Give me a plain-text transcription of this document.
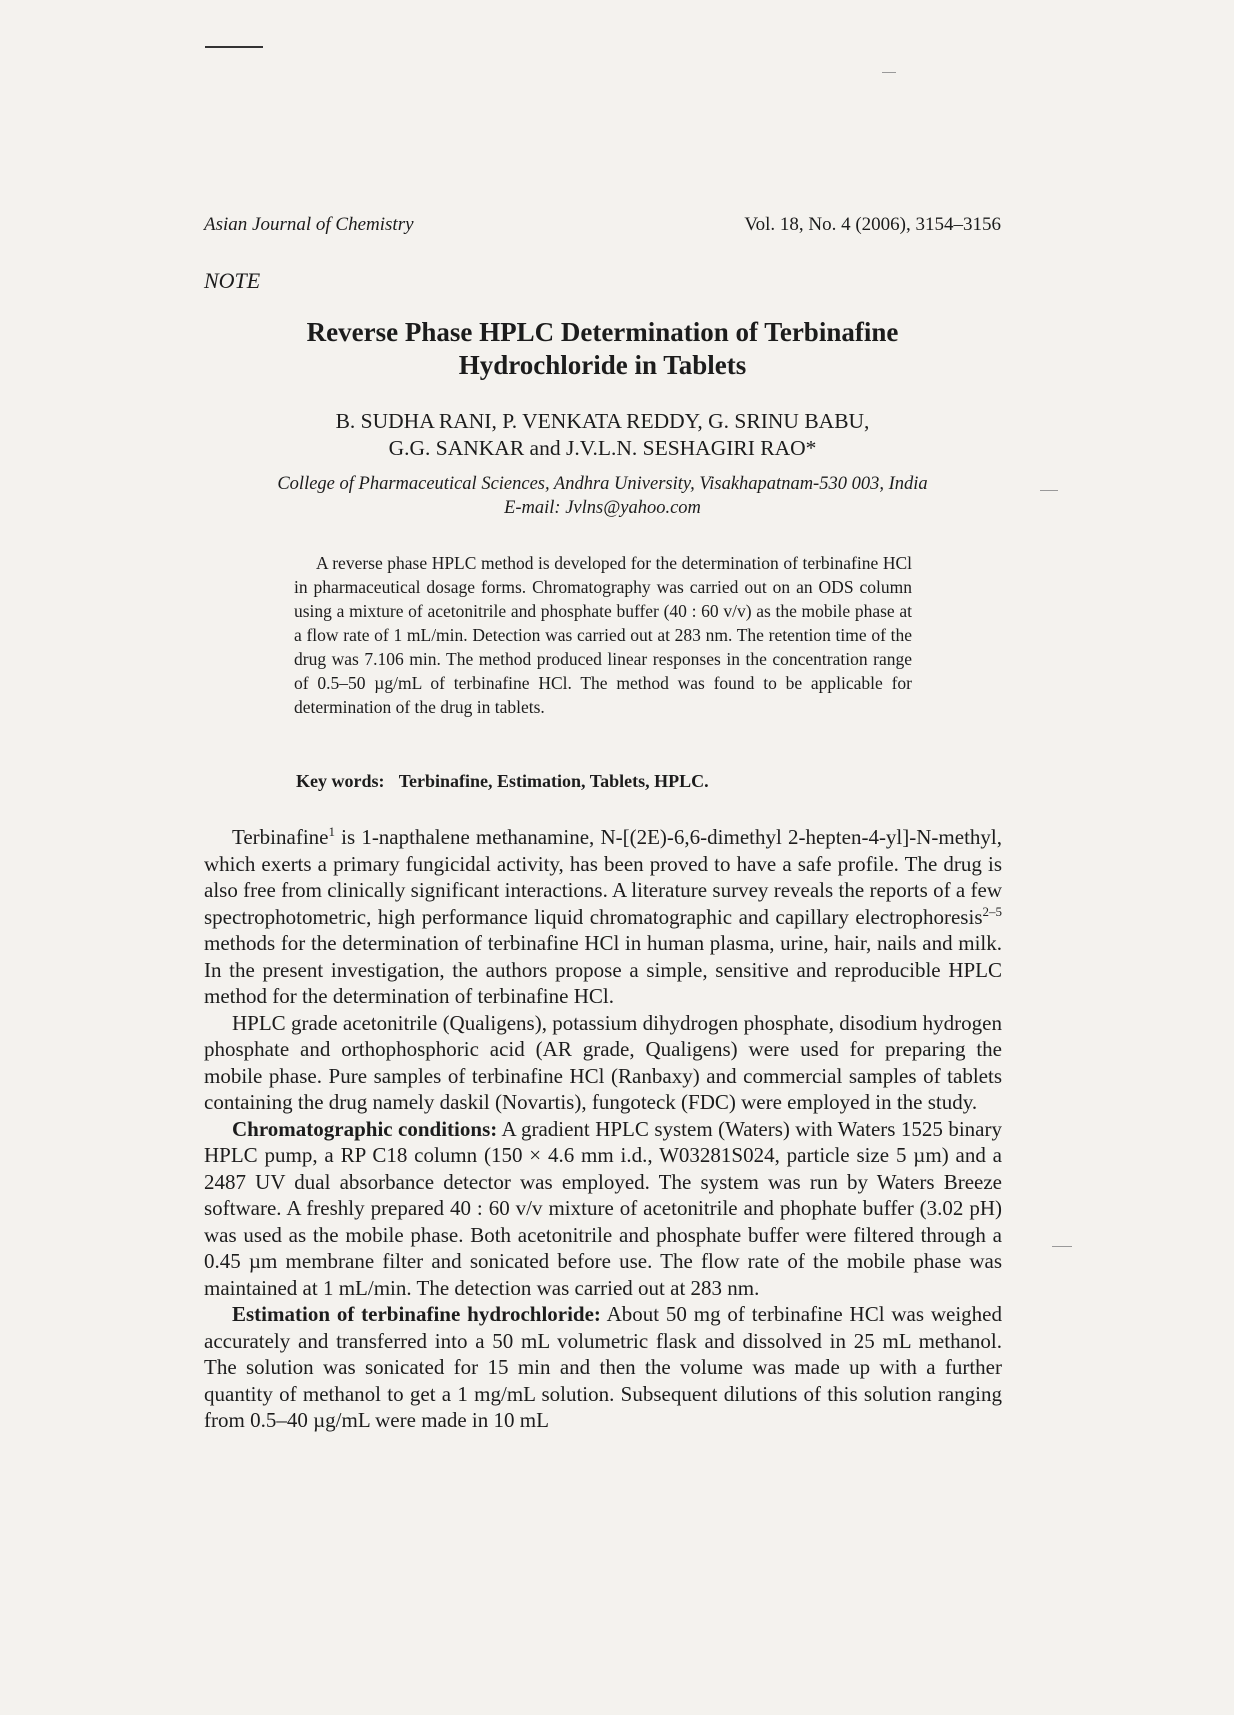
Asian Journal of Chemistry	Vol. 18, No. 4 (2006), 3154–3156
NOTE
Reverse Phase HPLC Determination of Terbinafine
Hydrochloride in Tablets
B. SUDHA RANI, P. VENKATA REDDY, G. SRINU BABU,
G.G. SANKAR and J.V.L.N. SESHAGIRI RAO*
College of Pharmaceutical Sciences, Andhra University, Visakhapatnam-530 003, India
E-mail: Jvlns@yahoo.com

A reverse phase HPLC method is developed for the determination of terbinafine HCl in pharmaceutical dosage forms. Chromatography was carried out on an ODS column using a mixture of acetonitrile and phosphate buffer (40 : 60 v/v) as the mobile phase at a flow rate of 1 mL/min. Detection was carried out at 283 nm. The retention time of the drug was 7.106 min. The method produced linear responses in the concentration range of 0.5–50 µg/mL of terbinafine HCl. The method was found to be applicable for determination of the drug in tablets.

Key words: Terbinafine, Estimation, Tablets, HPLC.

Terbinafine$^1$ is 1-napthalene methanamine, N-[(2E)-6,6-dimethyl 2-hepten-4-yl]-N-methyl, which exerts a primary fungicidal activity, has been proved to have a safe profile. The drug is also free from clinically significant interactions. A literature survey reveals the reports of a few spectrophotometric, high performance liquid chromatographic and capillary electrophoresis$^{2-5}$ methods for the determination of terbinafine HCl in human plasma, urine, hair, nails and milk. In the present investigation, the authors propose a simple, sensitive and reproducible HPLC method for the determination of terbinafine HCl.

HPLC grade acetonitrile (Qualigens), potassium dihydrogen phosphate, disodium hydrogen phosphate and orthophosphoric acid (AR grade, Qualigens) were used for preparing the mobile phase. Pure samples of terbinafine HCl (Ranbaxy) and commercial samples of tablets containing the drug namely daskil (Novartis), fungoteck (FDC) were employed in the study.

Chromatographic conditions: A gradient HPLC system (Waters) with Waters 1525 binary HPLC pump, a RP C18 column (150 × 4.6 mm i.d., W03281S024, particle size 5 µm) and a 2487 UV dual absorbance detector was employed. The system was run by Waters Breeze software. A freshly prepared 40 : 60 v/v mixture of acetonitrile and phophate buffer (3.02 pH) was used as the mobile phase. Both acetonitrile and phosphate buffer were filtered through a 0.45 µm membrane filter and sonicated before use. The flow rate of the mobile phase was maintained at 1 mL/min. The detection was carried out at 283 nm.

Estimation of terbinafine hydrochloride: About 50 mg of terbinafine HCl was weighed accurately and transferred into a 50 mL volumetric flask and dissolved in 25 mL methanol. The solution was sonicated for 15 min and then the volume was made up with a further quantity of methanol to get a 1 mg/mL solution. Subsequent dilutions of this solution ranging from 0.5–40 µg/mL were made in 10 mL
